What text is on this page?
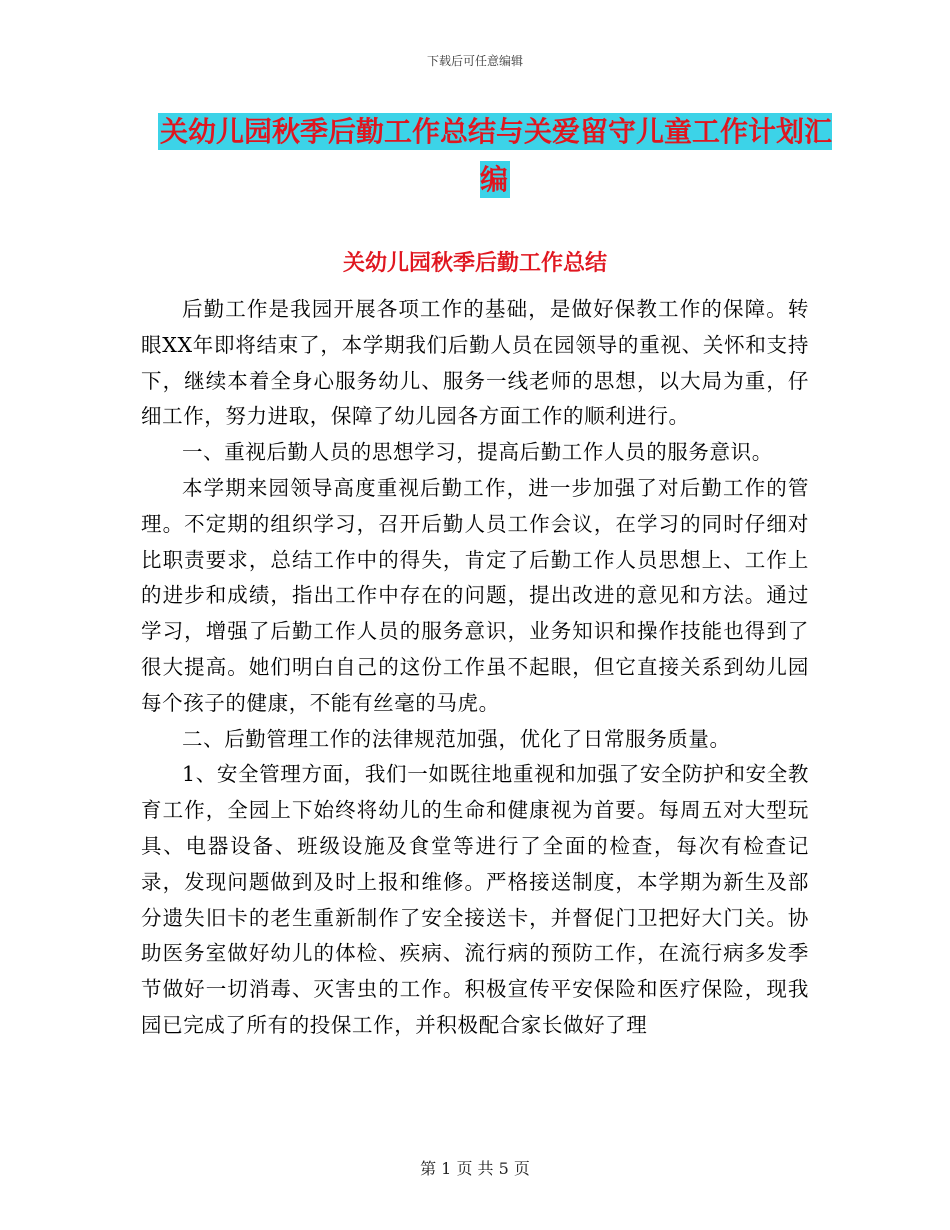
下载后可任意编辑
关幼儿园秋季后勤工作总结与关爱留守儿童工作计划汇编
关幼儿园秋季后勤工作总结

后勤工作是我园开展各项工作的基础，是做好保教工作的保障。转眼XX年即将结束了，本学期我们后勤人员在园领导的重视、关怀和支持下，继续本着全身心服务幼儿、服务一线老师的思想，以大局为重，仔细工作，努力进取，保障了幼儿园各方面工作的顺利进行。

一、重视后勤人员的思想学习，提高后勤工作人员的服务意识。

本学期来园领导高度重视后勤工作，进一步加强了对后勤工作的管理。不定期的组织学习，召开后勤人员工作会议，在学习的同时仔细对比职责要求，总结工作中的得失，肯定了后勤工作人员思想上、工作上的进步和成绩，指出工作中存在的问题，提出改进的意见和方法。通过学习，增强了后勤工作人员的服务意识，业务知识和操作技能也得到了很大提高。她们明白自己的这份工作虽不起眼，但它直接关系到幼儿园每个孩子的健康，不能有丝毫的马虎。

二、后勤管理工作的法律规范加强，优化了日常服务质量。

1、安全管理方面，我们一如既往地重视和加强了安全防护和安全教育工作，全园上下始终将幼儿的生命和健康视为首要。每周五对大型玩具、电器设备、班级设施及食堂等进行了全面的检查，每次有检查记录，发现问题做到及时上报和维修。严格接送制度，本学期为新生及部分遗失旧卡的老生重新制作了安全接送卡，并督促门卫把好大门关。协助医务室做好幼儿的体检、疾病、流行病的预防工作，在流行病多发季节做好一切消毒、灭害虫的工作。积极宣传平安保险和医疗保险，现我园已完成了所有的投保工作，并积极配合家长做好了理

第 1 页 共 5 页
